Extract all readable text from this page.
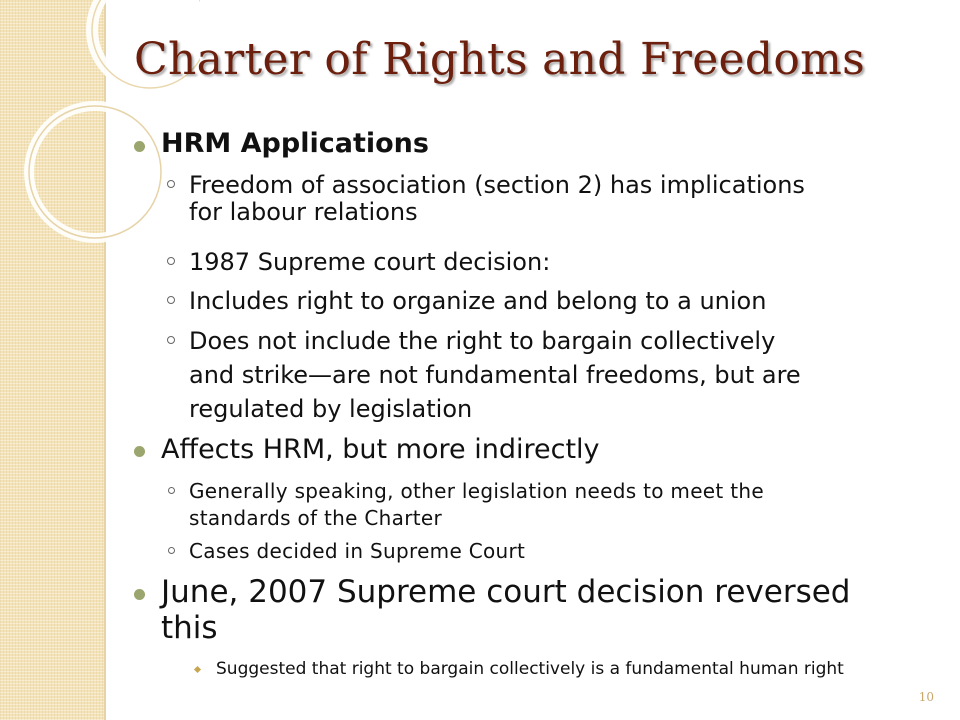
Charter of Rights and Freedoms
HRM Applications
Freedom of association (section 2) has implications
for labour relations
1987 Supreme court decision:
Includes right to organize and belong to a union
Does not include the right to bargain collectively
and strike—are not fundamental freedoms, but are
regulated by legislation
Affects HRM, but more indirectly
Generally speaking, other legislation needs to meet the
standards of the Charter
Cases decided in Supreme Court
June, 2007 Supreme court decision reversed
this
Suggested that right to bargain collectively is a fundamental human right
10
